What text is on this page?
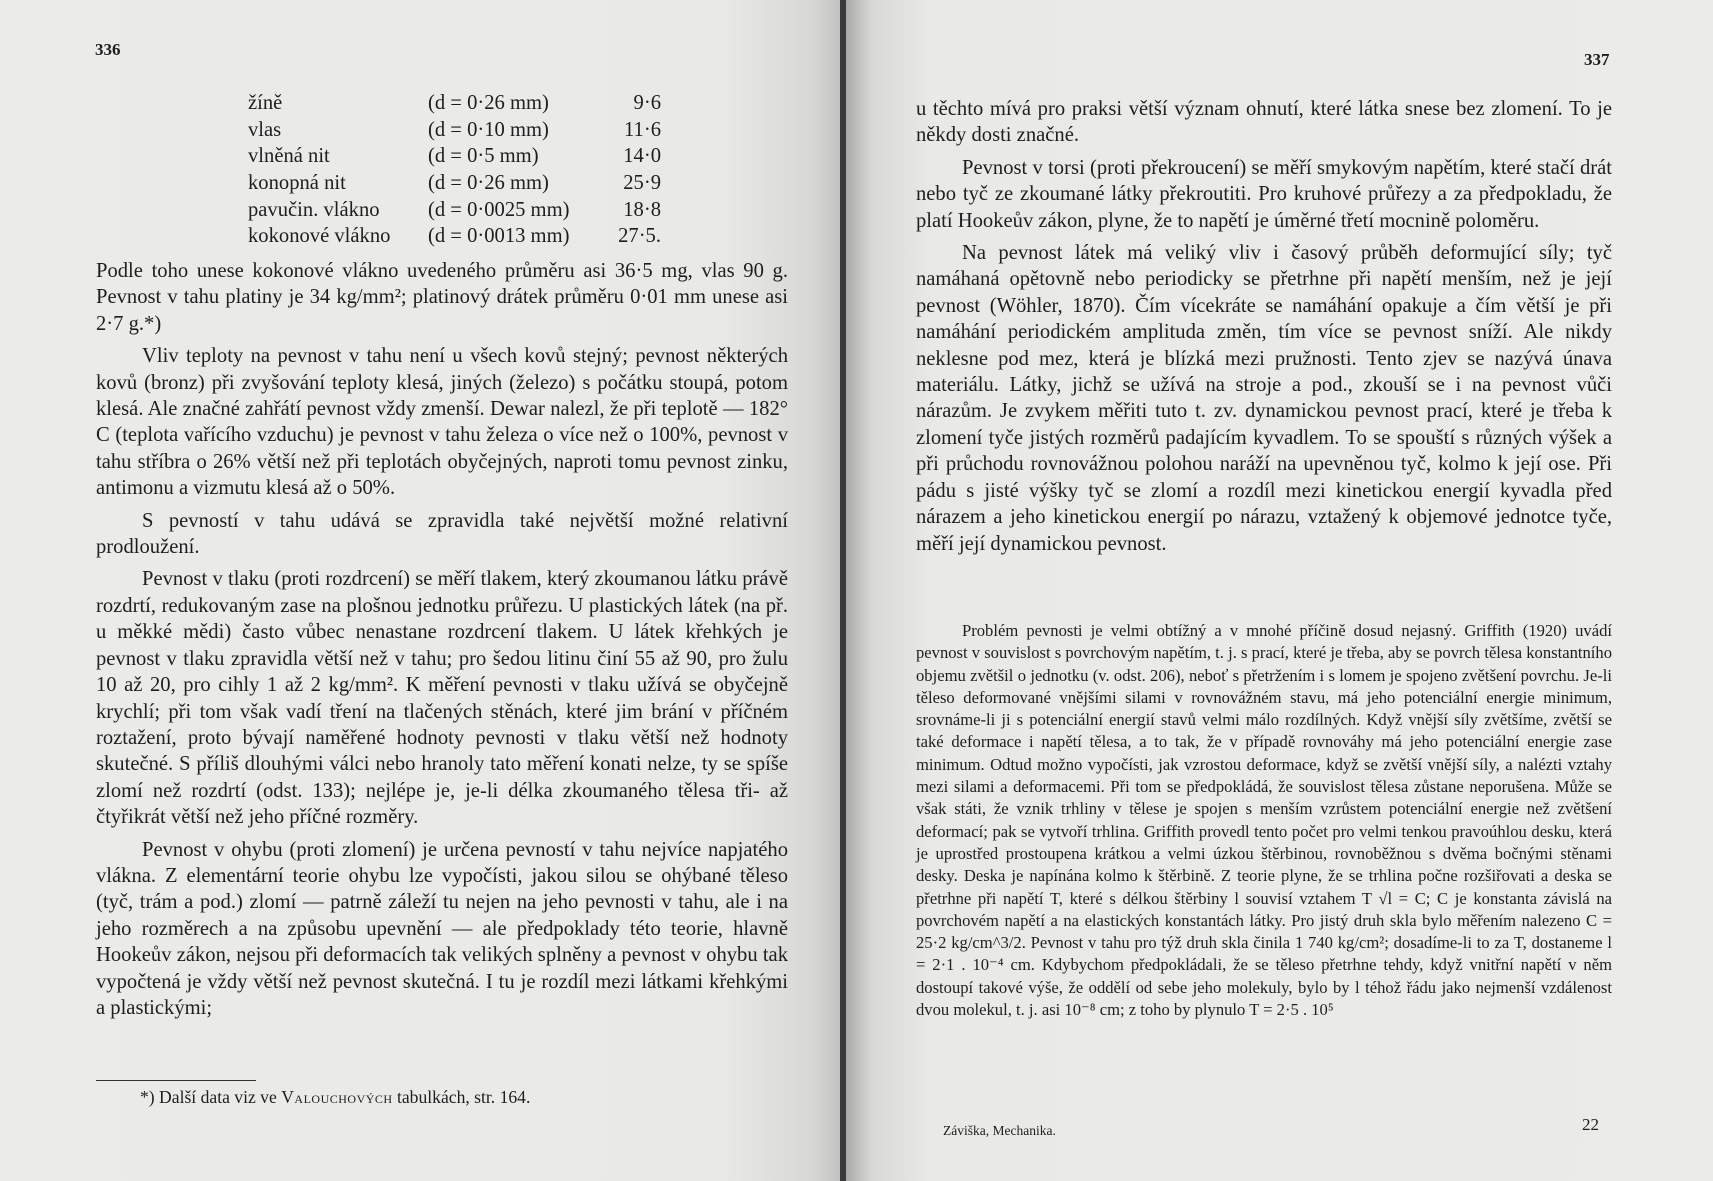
336
žíně	(d = 0·26 mm)	9·6
vlas	(d = 0·10 mm)	11·6
vlněná nit	(d = 0·5 mm)	14·0
konopná nit	(d = 0·26 mm)	25·9
pavučin. vlákno	(d = 0·0025 mm)	18·8
kokonové vlákno	(d = 0·0013 mm)	27·5.

Podle toho unese kokonové vlákno uvedeného průměru asi 36·5 mg, vlas 90 g. Pevnost v tahu platiny je 34 kg/mm²; platinový drátek průměru 0·01 mm unese asi 2·7 g.*)

Vliv teploty na pevnost v tahu není u všech kovů stejný; pevnost některých kovů (bronz) při zvyšování teploty klesá, jiných (železo) s počátku stoupá, potom klesá. Ale značné zahřátí pevnost vždy zmenší. Dewar nalezl, že při teplotě — 182° C (teplota vařícího vzduchu) je pevnost v tahu železa o více než o 100%, pevnost v tahu stříbra o 26% větší než při teplotách obyčejných, naproti tomu pevnost zinku, antimonu a vizmutu klesá až o 50%.

S pevností v tahu udává se zpravidla také největší možné relativní prodloužení.

Pevnost v tlaku (proti rozdrcení) se měří tlakem, který zkoumanou látku právě rozdrtí, redukovaným zase na plošnou jednotku průřezu. U plastických látek (na př. u měkké mědi) často vůbec nenastane rozdrcení tlakem. U látek křehkých je pevnost v tlaku zpravidla větší než v tahu; pro šedou litinu činí 55 až 90, pro žulu 10 až 20, pro cihly 1 až 2 kg/mm². K měření pevnosti v tlaku užívá se obyčejně krychlí; při tom však vadí tření na tlačených stěnách, které jim brání v příčném roztažení, proto bývají naměřené hodnoty pevnosti v tlaku větší než hodnoty skutečné. S příliš dlouhými válci nebo hranoly tato měření konati nelze, ty se spíše zlomí než rozdrtí (odst. 133); nejlépe je, je-li délka zkoumaného tělesa tři- až čtyřikrát větší než jeho příčné rozměry.

Pevnost v ohybu (proti zlomení) je určena pevností v tahu nejvíce napjatého vlákna. Z elementární teorie ohybu lze vypočísti, jakou silou se ohýbané těleso (tyč, trám a pod.) zlomí — patrně záleží tu nejen na jeho pevnosti v tahu, ale i na jeho rozměrech a na způsobu upevnění — ale předpoklady této teorie, hlavně Hookeův zákon, nejsou při deformacích tak velikých splněny a pevnost v ohybu tak vypočtená je vždy větší než pevnost skutečná. I tu je rozdíl mezi látkami křehkými a plastickými;

*) Další data viz ve Valouchových tabulkách, str. 164.
337

u těchto mívá pro praksi větší význam ohnutí, které látka snese bez zlomení. To je někdy dosti značné.

Pevnost v torsi (proti překroucení) se měří smykovým napětím, které stačí drát nebo tyč ze zkoumané látky překroutiti. Pro kruhové průřezy a za předpokladu, že platí Hookeův zákon, plyne, že to napětí je úměrné třetí mocnině poloměru.

Na pevnost látek má veliký vliv i časový průběh deformující síly; tyč namáhaná opětovně nebo periodicky se přetrhne při napětí menším, než je její pevnost (Wöhler, 1870). Čím vícekráte se namáhání opakuje a čím větší je při namáhání periodickém amplituda změn, tím více se pevnost sníží. Ale nikdy neklesne pod mez, která je blízká mezi pružnosti. Tento zjev se nazývá únava materiálu. Látky, jichž se užívá na stroje a pod., zkouší se i na pevnost vůči nárazům. Je zvykem měřiti tuto t. zv. dynamickou pevnost prací, které je třeba k zlomení tyče jistých rozměrů padajícím kyvadlem. To se spouští s různých výšek a při průchodu rovnovážnou polohou naráží na upevněnou tyč, kolmo k její ose. Při pádu s jisté výšky tyč se zlomí a rozdíl mezi kinetickou energií kyvadla před nárazem a jeho kinetickou energií po nárazu, vztažený k objemové jednotce tyče, měří její dynamickou pevnost.

Problém pevnosti je velmi obtížný a v mnohé příčině dosud nejasný. Griffith (1920) uvádí pevnost v souvislost s povrchovým napětím, t. j. s prací, které je třeba, aby se povrch tělesa konstantního objemu zvětšil o jednotku (v. odst. 206), neboť s přetržením i s lomem je spojeno zvětšení povrchu. Je-li těleso deformované vnějšími silami v rovnovážném stavu, má jeho potenciální energie minimum, srovnáme-li ji s potenciální energií stavů velmi málo rozdílných. Když vnější síly zvětšíme, zvětší se také deformace i napětí tělesa, a to tak, že v případě rovnováhy má jeho potenciální energie zase minimum. Odtud možno vypočísti, jak vzrostou deformace, když se zvětší vnější síly, a nalézti vztahy mezi silami a deformacemi. Při tom se předpokládá, že souvislost tělesa zůstane neporušena. Může se však státi, že vznik trhliny v tělese je spojen s menším vzrůstem potenciální energie než zvětšení deformací; pak se vytvoří trhlina. Griffith provedl tento počet pro velmi tenkou pravoúhlou desku, která je uprostřed prostoupena krátkou a velmi úzkou štěrbinou, rovnoběžnou s dvěma bočnými stěnami desky. Deska je napínána kolmo k štěrbině. Z teorie plyne, že se trhlina počne rozšiřovati a deska se přetrhne při napětí T, které s délkou štěrbiny l souvisí vztahem T √l = C; C je konstanta závislá na povrchovém napětí a na elastických konstantách látky. Pro jistý druh skla bylo měřením nalezeno C = 25·2 kg/cm^3/2. Pevnost v tahu pro týž druh skla činila 1 740 kg/cm²; dosadíme-li to za T, dostaneme l = 2·1 . 10⁻⁴ cm. Kdybychom předpokládali, že se těleso přetrhne tehdy, když vnitřní napětí v něm dostoupí takové výše, že oddělí od sebe jeho molekuly, bylo by l téhož řádu jako nejmenší vzdálenost dvou molekul, t. j. asi 10⁻⁸ cm; z toho by plynulo T = 2·5 . 10⁵

Záviška, Mechanika.	22
